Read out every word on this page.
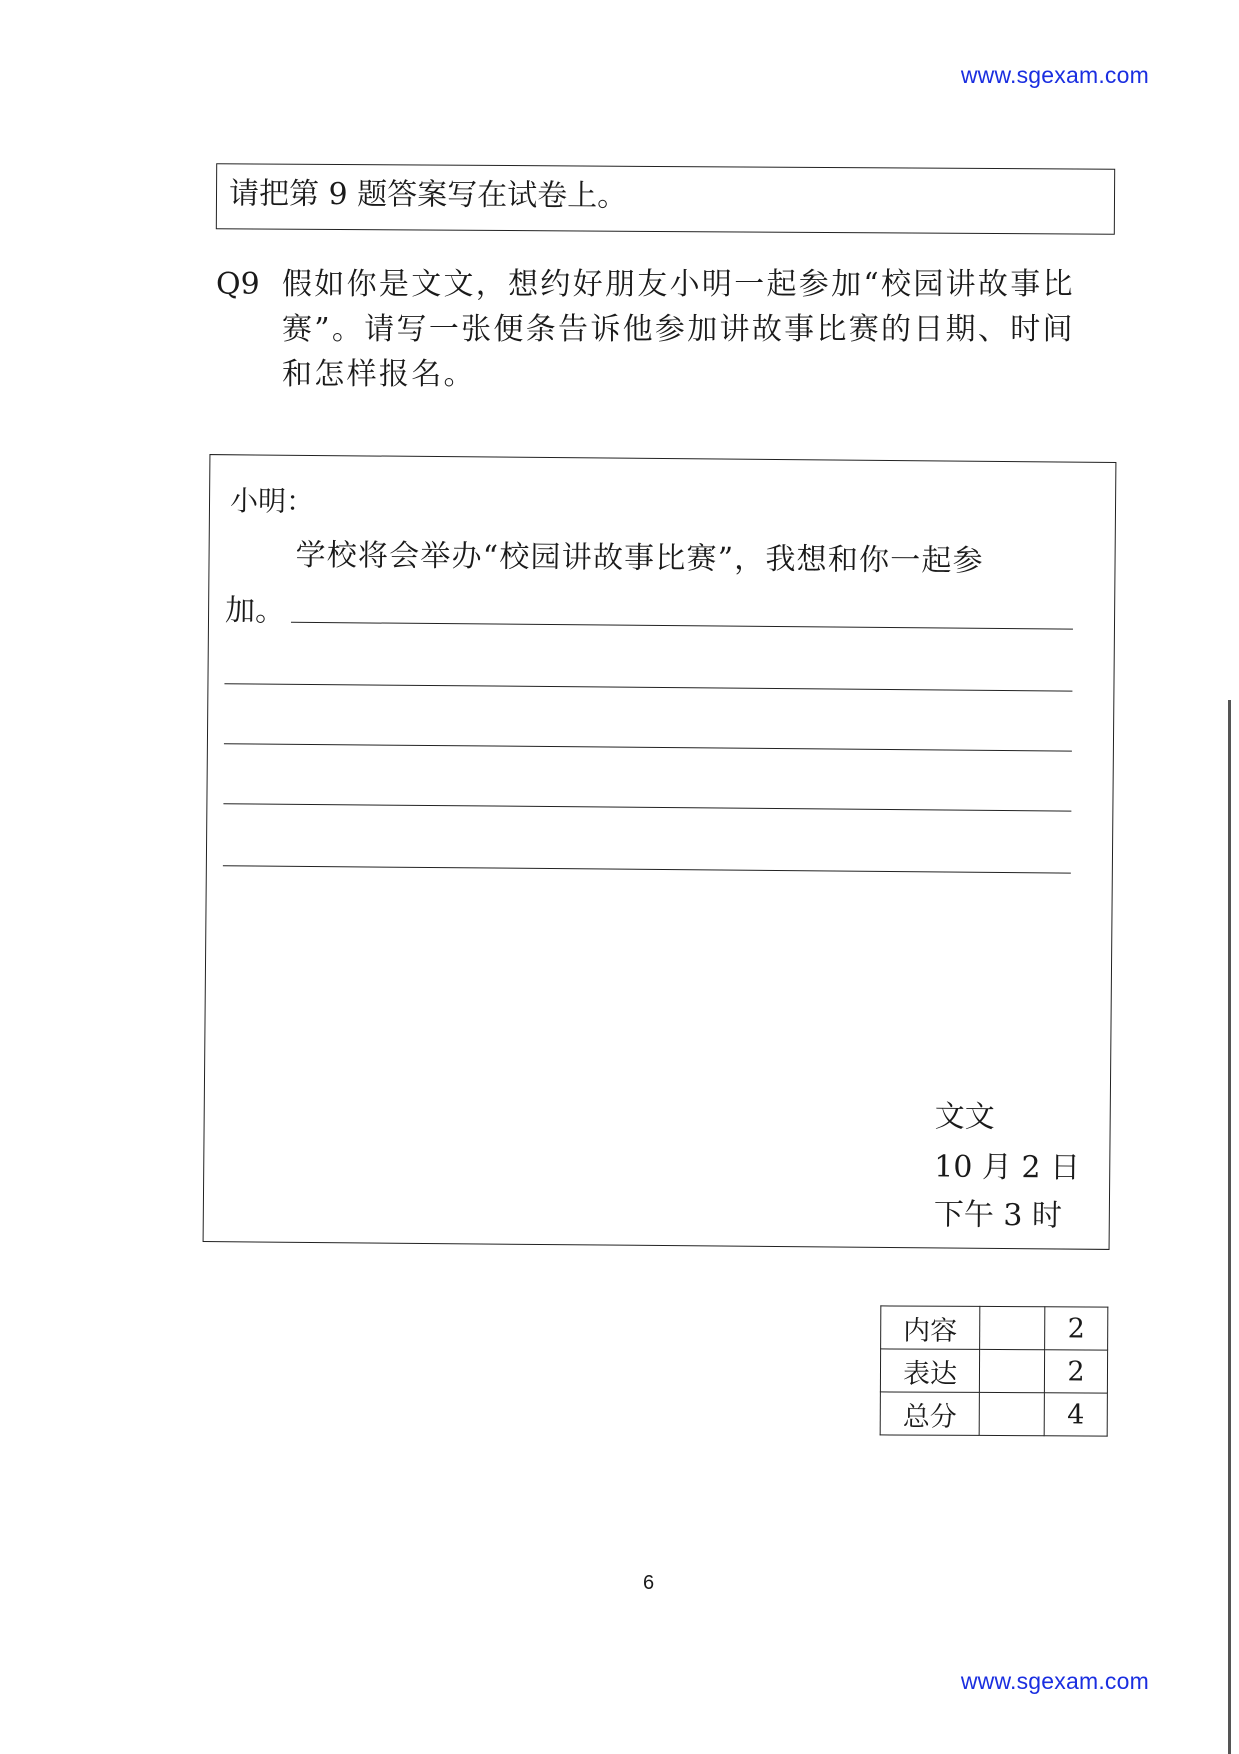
www.sgexam.com
请把第 9 题答案写在试卷上。
Q9 假如你是文文，想约好朋友小明一起参加“校园讲故事比
赛”。请写一张便条告诉他参加讲故事比赛的日期、时间
和怎样报名。
小明：
学校将会举办“校园讲故事比赛”，我想和你一起参
加。
文文
10 月 2 日
下午 3 时
内容		2
表达		2
总分		4
6
www.sgexam.com
